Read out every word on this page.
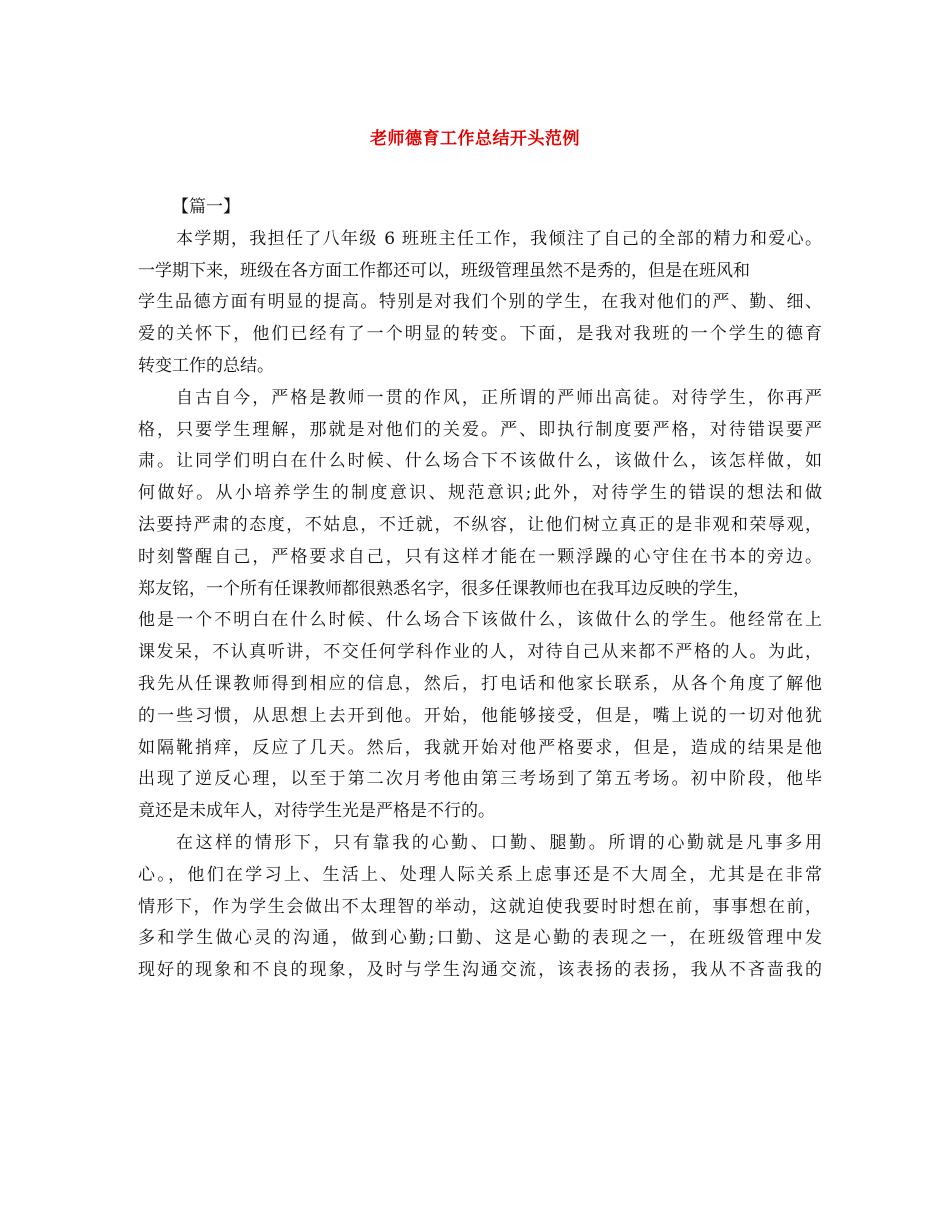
老师德育工作总结开头范例
【篇一】
本学期，我担任了八年级 6 班班主任工作，我倾注了自己的全部的精力和爱心。
一学期下来，班级在各方面工作都还可以，班级管理虽然不是秀的，但是在班风和
学生品德方面有明显的提高。特别是对我们个别的学生，在我对他们的严、勤、细、
爱的关怀下，他们已经有了一个明显的转变。下面，是我对我班的一个学生的德育
转变工作的总结。
自古自今，严格是教师一贯的作风，正所谓的严师出高徒。对待学生，你再严
格，只要学生理解，那就是对他们的关爱。严、即执行制度要严格，对待错误要严
肃。让同学们明白在什么时候、什么场合下不该做什么，该做什么，该怎样做，如
何做好。从小培养学生的制度意识、规范意识;此外，对待学生的错误的想法和做
法要持严肃的态度，不姑息，不迁就，不纵容，让他们树立真正的是非观和荣辱观，
时刻警醒自己，严格要求自己，只有这样才能在一颗浮躁的心守住在书本的旁边。
郑友铭，一个所有任课教师都很熟悉名字，很多任课教师也在我耳边反映的学生，
他是一个不明白在什么时候、什么场合下该做什么，该做什么的学生。他经常在上
课发呆，不认真听讲，不交任何学科作业的人，对待自己从来都不严格的人。为此，
我先从任课教师得到相应的信息，然后，打电话和他家长联系，从各个角度了解他
的一些习惯，从思想上去开到他。开始，他能够接受，但是，嘴上说的一切对他犹
如隔靴捎痒，反应了几天。然后，我就开始对他严格要求，但是，造成的结果是他
出现了逆反心理，以至于第二次月考他由第三考场到了第五考场。初中阶段，他毕
竟还是未成年人，对待学生光是严格是不行的。
在这样的情形下，只有靠我的心勤、口勤、腿勤。所谓的心勤就是凡事多用
心。，他们在学习上、生活上、处理人际关系上虑事还是不大周全，尤其是在非常
情形下，作为学生会做出不太理智的举动，这就迫使我要时时想在前，事事想在前，
多和学生做心灵的沟通，做到心勤;口勤、这是心勤的表现之一，在班级管理中发
现好的现象和不良的现象，及时与学生沟通交流，该表扬的表扬，我从不吝啬我的
